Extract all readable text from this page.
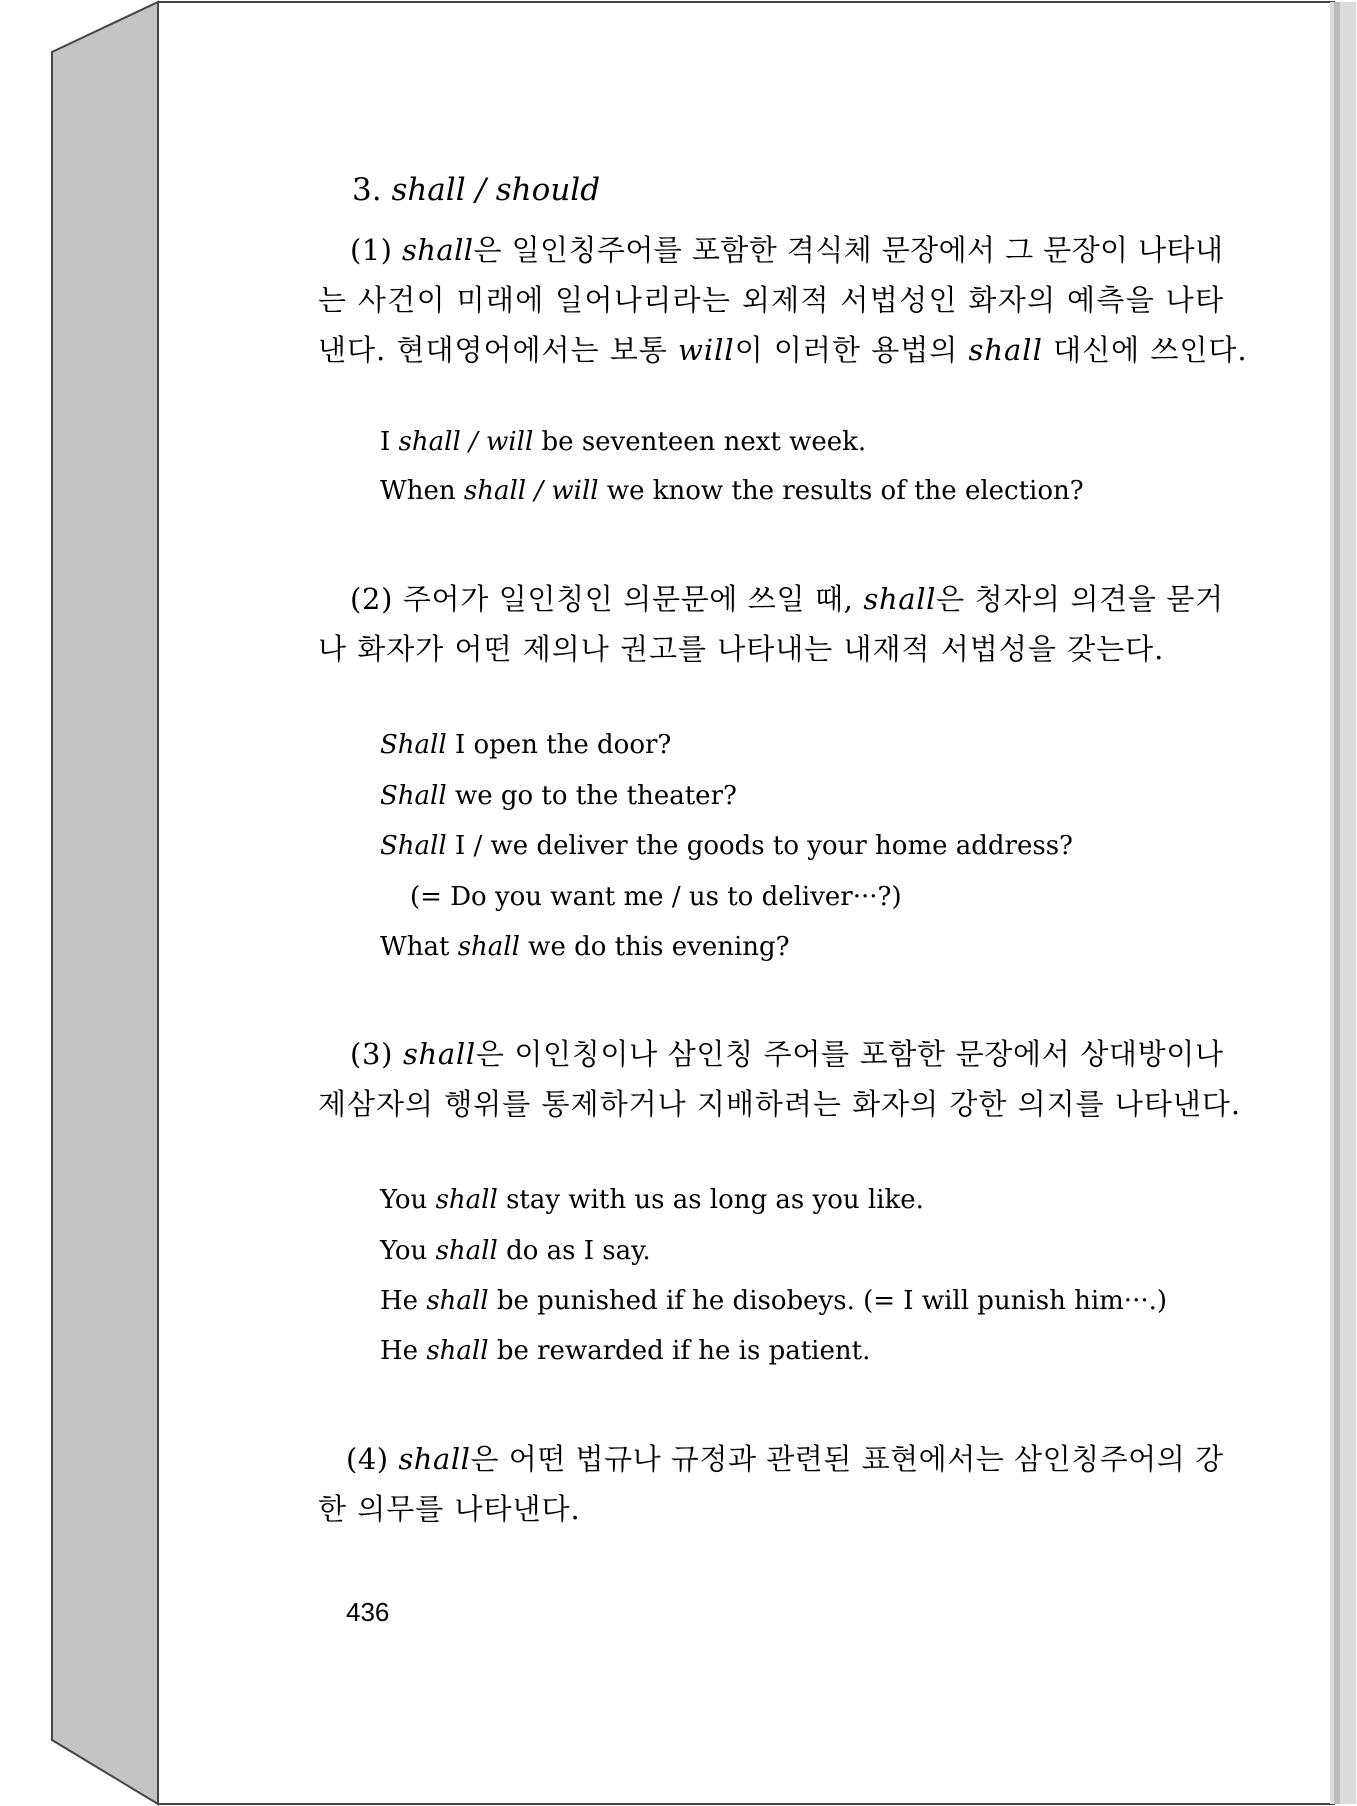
3. shall / should
(1) shall은 일인칭주어를 포함한 격식체 문장에서 그 문장이 나타내
는 사건이 미래에 일어나리라는 외제적 서법성인 화자의 예측을 나타
낸다. 현대영어에서는 보통 will이 이러한 용법의 shall 대신에 쓰인다.
I shall / will be seventeen next week.
When shall / will we know the results of the election?
(2) 주어가 일인칭인 의문문에 쓰일 때, shall은 청자의 의견을 묻거
나 화자가 어떤 제의나 권고를 나타내는 내재적 서법성을 갖는다.
Shall I open the door?
Shall we go to the theater?
Shall I / we deliver the goods to your home address?
(= Do you want me / us to deliver···?)
What shall we do this evening?
(3) shall은 이인칭이나 삼인칭 주어를 포함한 문장에서 상대방이나
제삼자의 행위를 통제하거나 지배하려는 화자의 강한 의지를 나타낸다.
You shall stay with us as long as you like.
You shall do as I say.
He shall be punished if he disobeys. (= I will punish him···.)
He shall be rewarded if he is patient.
(4) shall은 어떤 법규나 규정과 관련된 표현에서는 삼인칭주어의 강
한 의무를 나타낸다.
436
